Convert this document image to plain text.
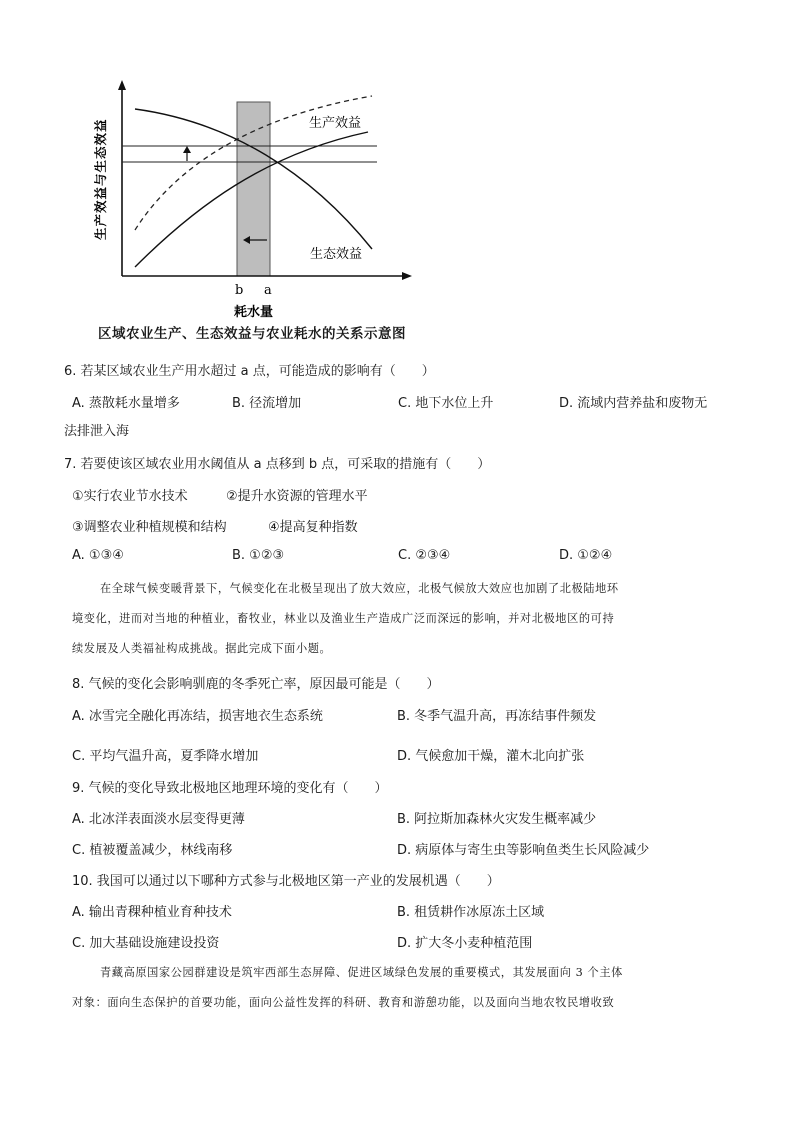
生产效益
生态效益
b a
耗水量
生产效益与生态效益
区域农业生产、生态效益与农业耗水的关系示意图
6. 若某区域农业生产用水超过 a 点，可能造成的影响有（　　）
A. 蒸散耗水量增多	B. 径流增加	C. 地下水位上升	D. 流域内营养盐和废物无
法排泄入海
7. 若要使该区域农业用水阈值从 a 点移到 b 点，可采取的措施有（　　）
①实行农业节水技术	②提升水资源的管理水平
③调整农业种植规模和结构	④提高复种指数
A. ①③④	B. ①②③	C. ②③④	D. ①②④
在全球气候变暖背景下，气候变化在北极呈现出了放大效应，北极气候放大效应也加剧了北极陆地环
境变化，进而对当地的种植业，畜牧业，林业以及渔业生产造成广泛而深远的影响，并对北极地区的可持
续发展及人类福祉构成挑战。据此完成下面小题。
8. 气候的变化会影响驯鹿的冬季死亡率，原因最可能是（　　）
A. 冰雪完全融化再冻结，损害地衣生态系统	B. 冬季气温升高，再冻结事件频发
C. 平均气温升高，夏季降水增加	D. 气候愈加干燥，灌木北向扩张
9. 气候的变化导致北极地区地理环境的变化有（　　）
A. 北冰洋表面淡水层变得更薄	B. 阿拉斯加森林火灾发生概率减少
C. 植被覆盖减少，林线南移	D. 病原体与寄生虫等影响鱼类生长风险减少
10. 我国可以通过以下哪种方式参与北极地区第一产业的发展机遇（　　）
A. 输出青稞种植业育种技术	B. 租赁耕作冰原冻土区域
C. 加大基础设施建设投资	D. 扩大冬小麦种植范围
青藏高原国家公园群建设是筑牢西部生态屏障、促进区域绿色发展的重要模式，其发展面向 3 个主体
对象：面向生态保护的首要功能，面向公益性发挥的科研、教育和游憩功能，以及面向当地农牧民增收致
